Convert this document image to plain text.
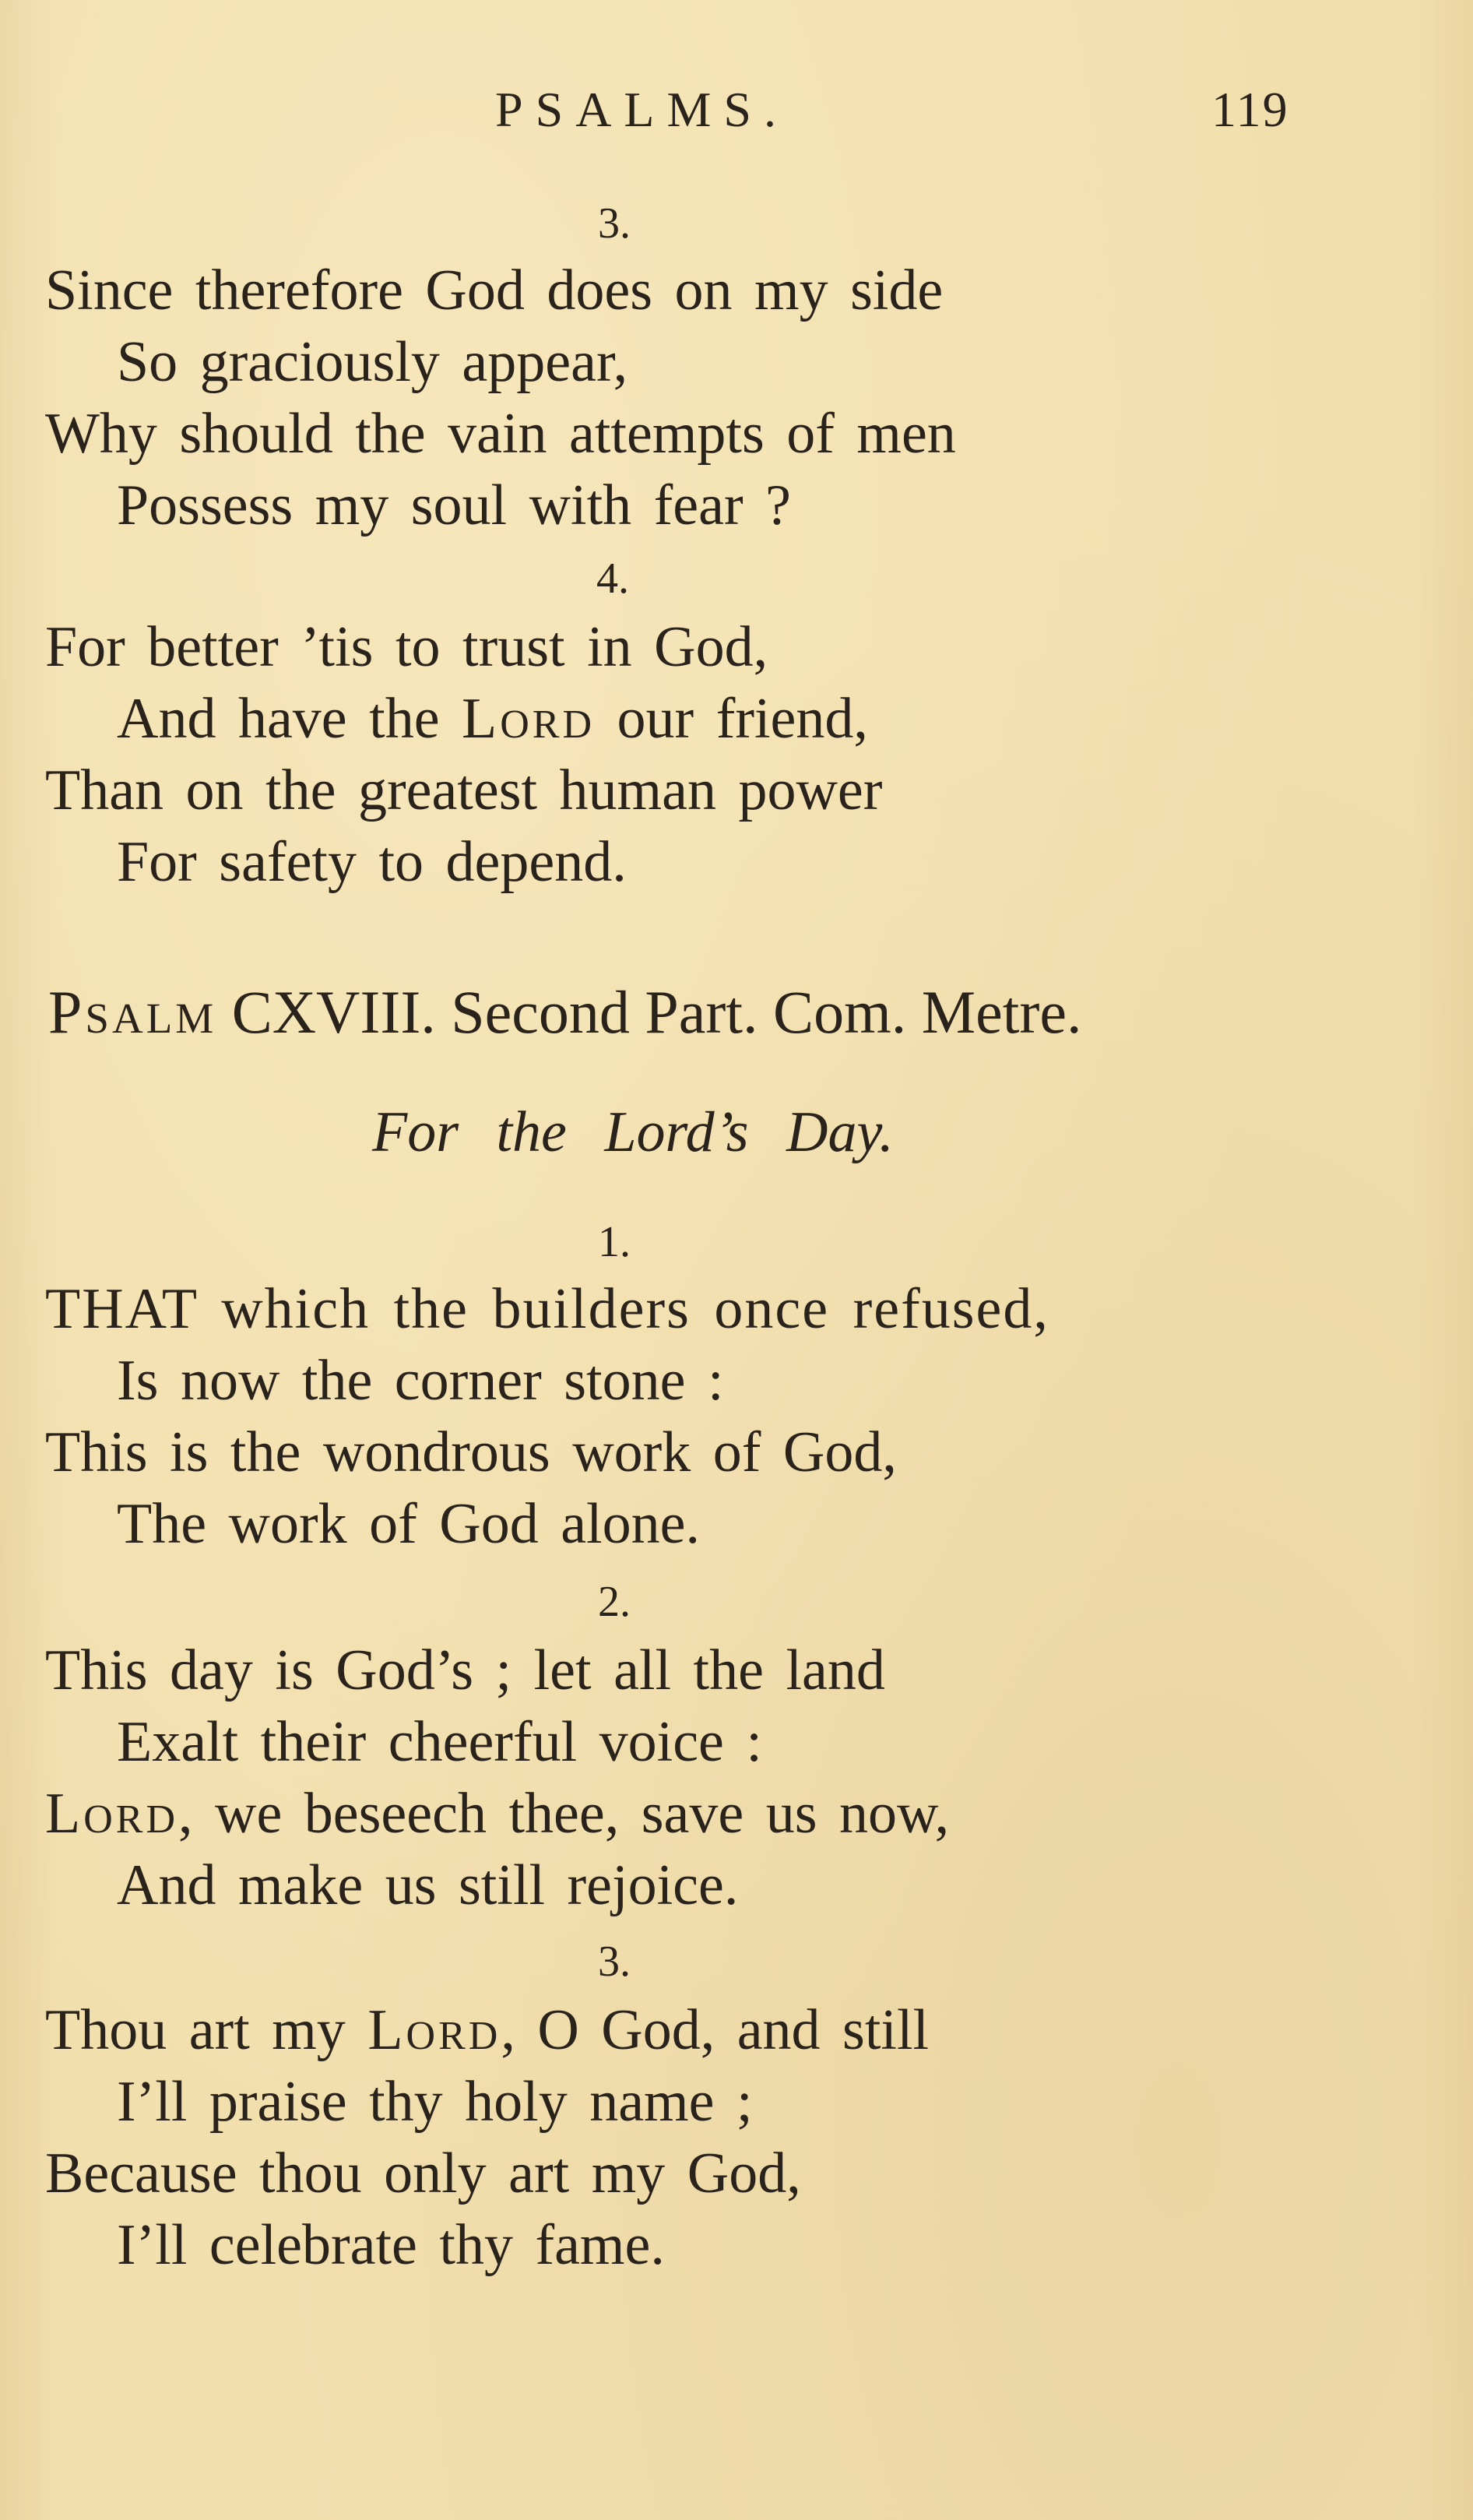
PSALMS.	119
3.
Since therefore God does on my side
So graciously appear,
Why should the vain attempts of men
Possess my soul with fear ?
4.
For better ’tis to trust in God,
And have the Lord our friend,
Than on the greatest human power
For safety to depend.
Psalm CXVIII. Second Part. Com. Metre.
For the Lord’s Day.
1.
THAT which the builders once refused,
Is now the corner stone :
This is the wondrous work of God,
The work of God alone.
2.
This day is God’s ; let all the land
Exalt their cheerful voice :
Lord, we beseech thee, save us now,
And make us still rejoice.
3.
Thou art my Lord, O God, and still
I’ll praise thy holy name ;
Because thou only art my God,
I’ll celebrate thy fame.
